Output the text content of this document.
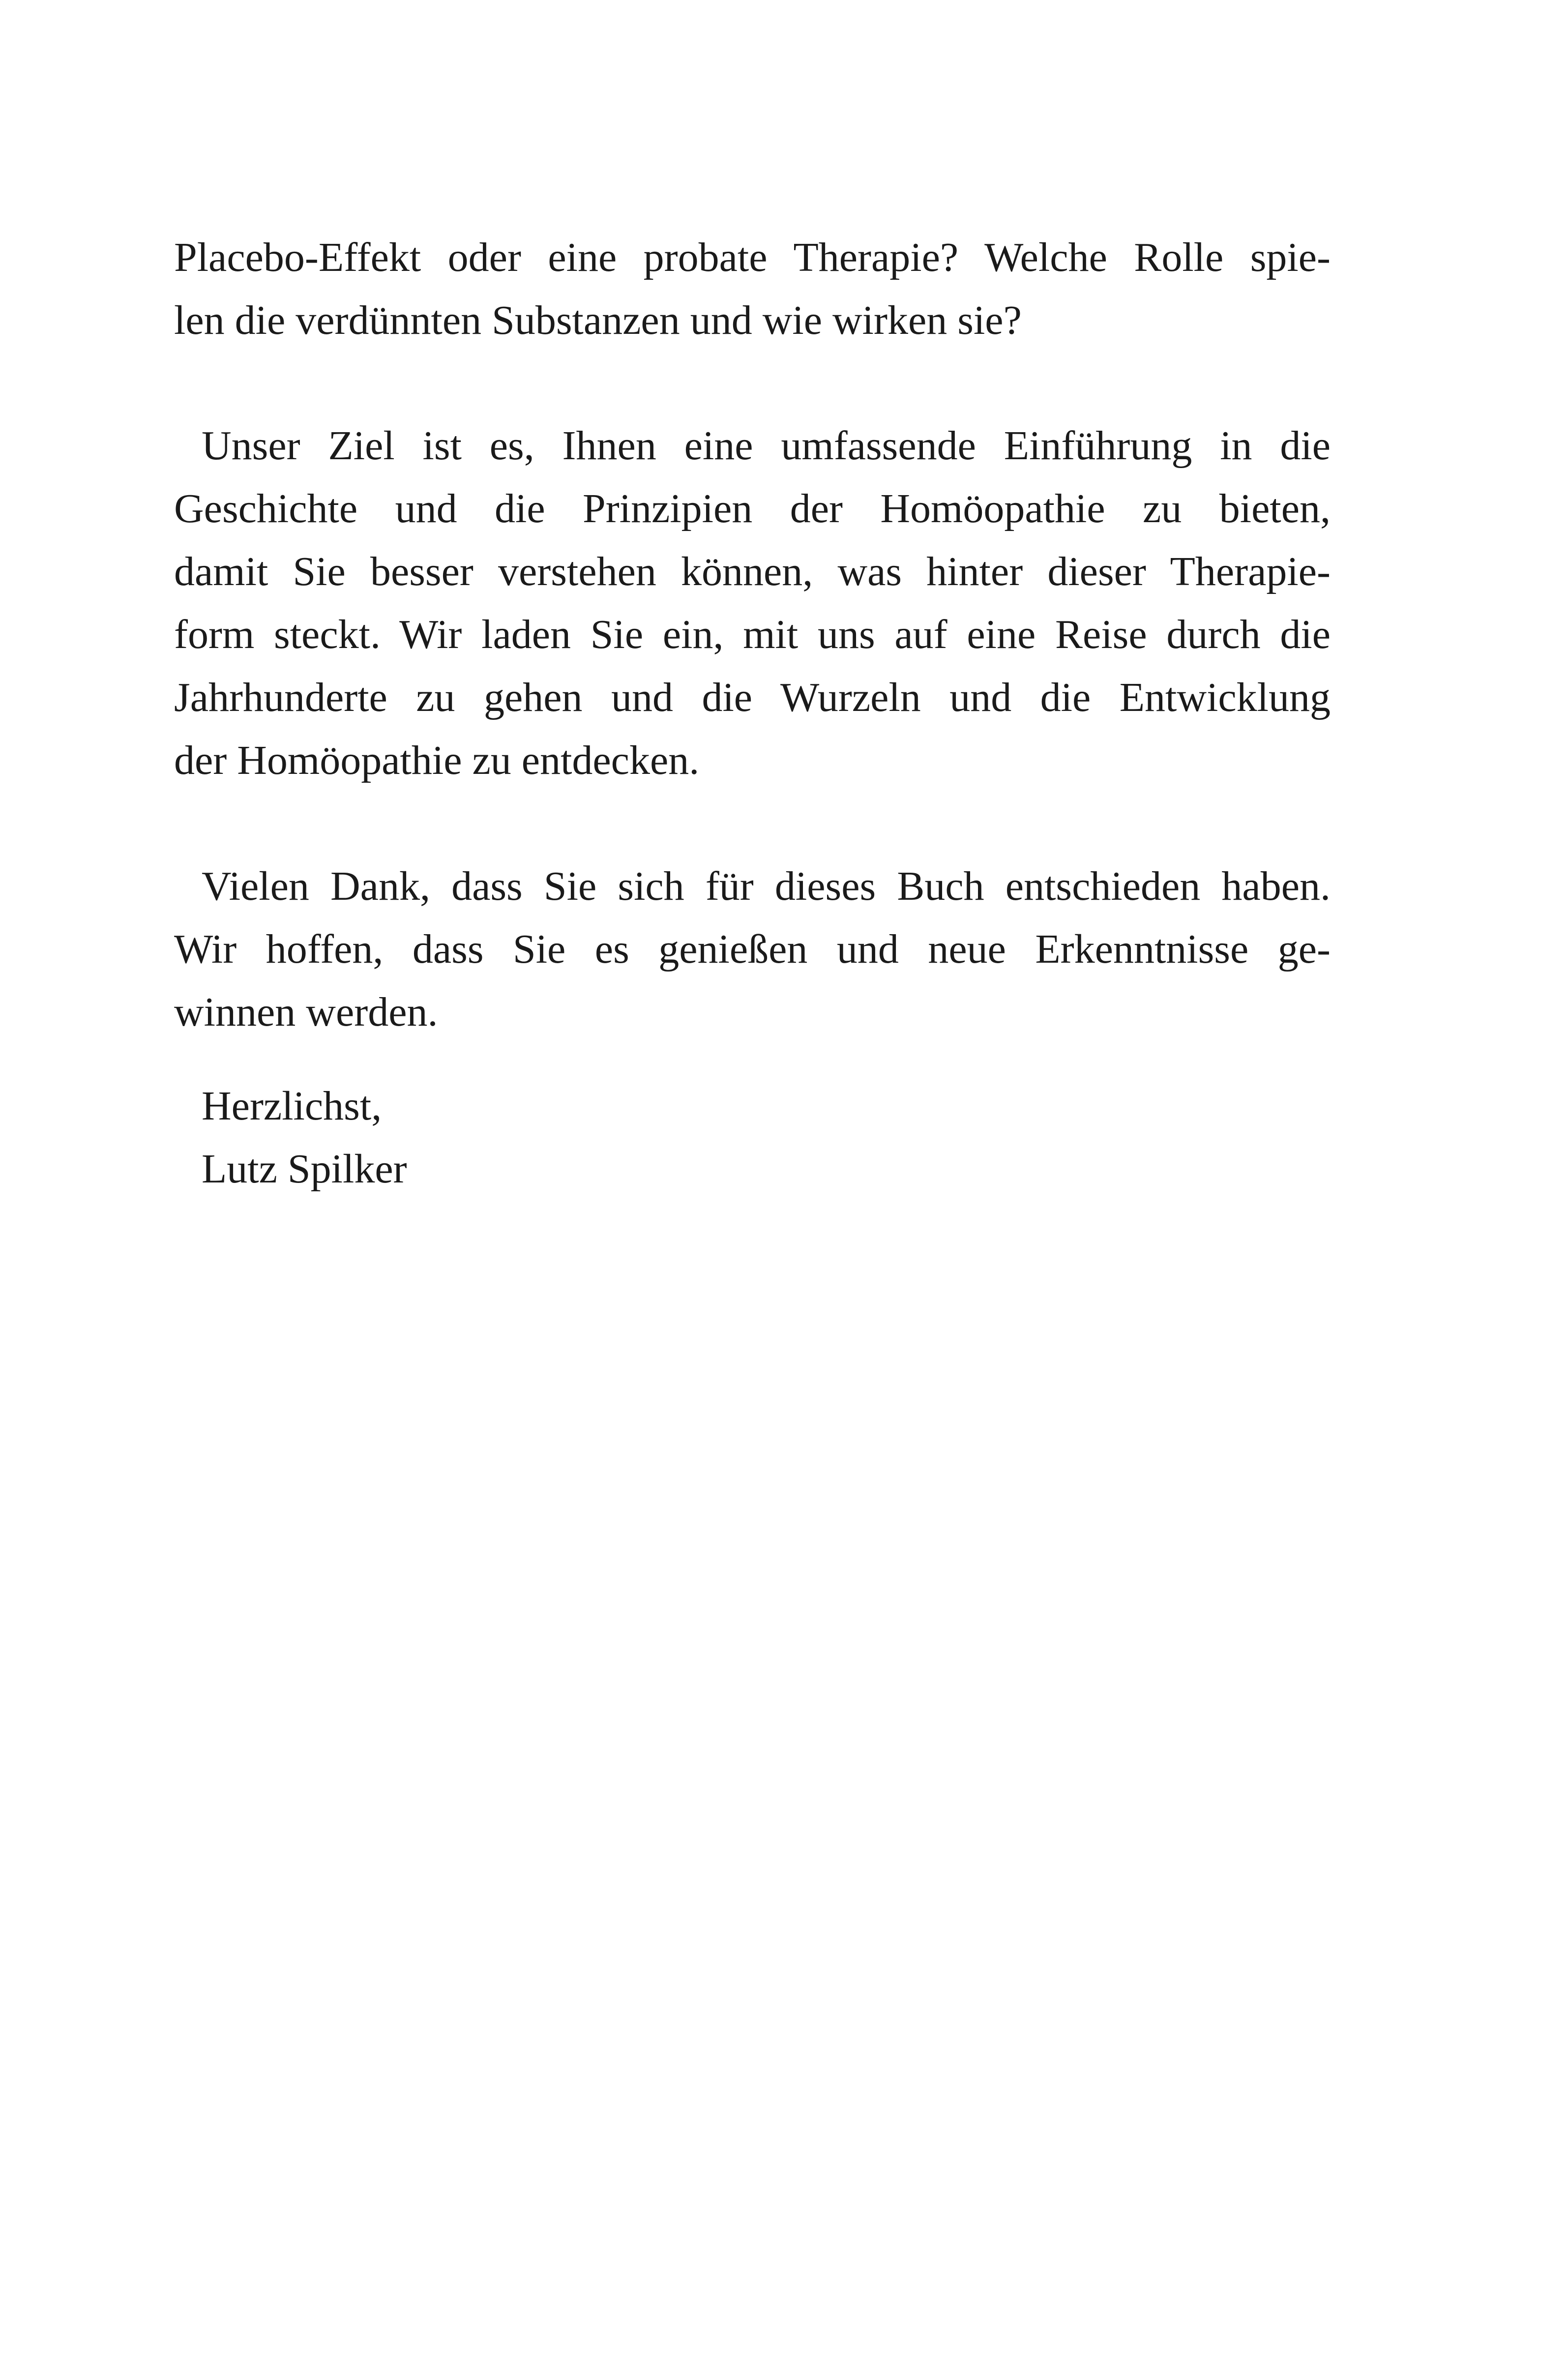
Placebo-Effekt oder eine probate Therapie? Welche Rolle spie-
len die verdünnten Substanzen und wie wirken sie?
Unser Ziel ist es, Ihnen eine umfassende Einführung in die
Geschichte und die Prinzipien der Homöopathie zu bieten,
damit Sie besser verstehen können, was hinter dieser Therapie-
form steckt. Wir laden Sie ein, mit uns auf eine Reise durch die
Jahrhunderte zu gehen und die Wurzeln und die Entwicklung
der Homöopathie zu entdecken.
Vielen Dank, dass Sie sich für dieses Buch entschieden haben.
Wir hoffen, dass Sie es genießen und neue Erkenntnisse ge-
winnen werden.
Herzlichst,
Lutz Spilker
